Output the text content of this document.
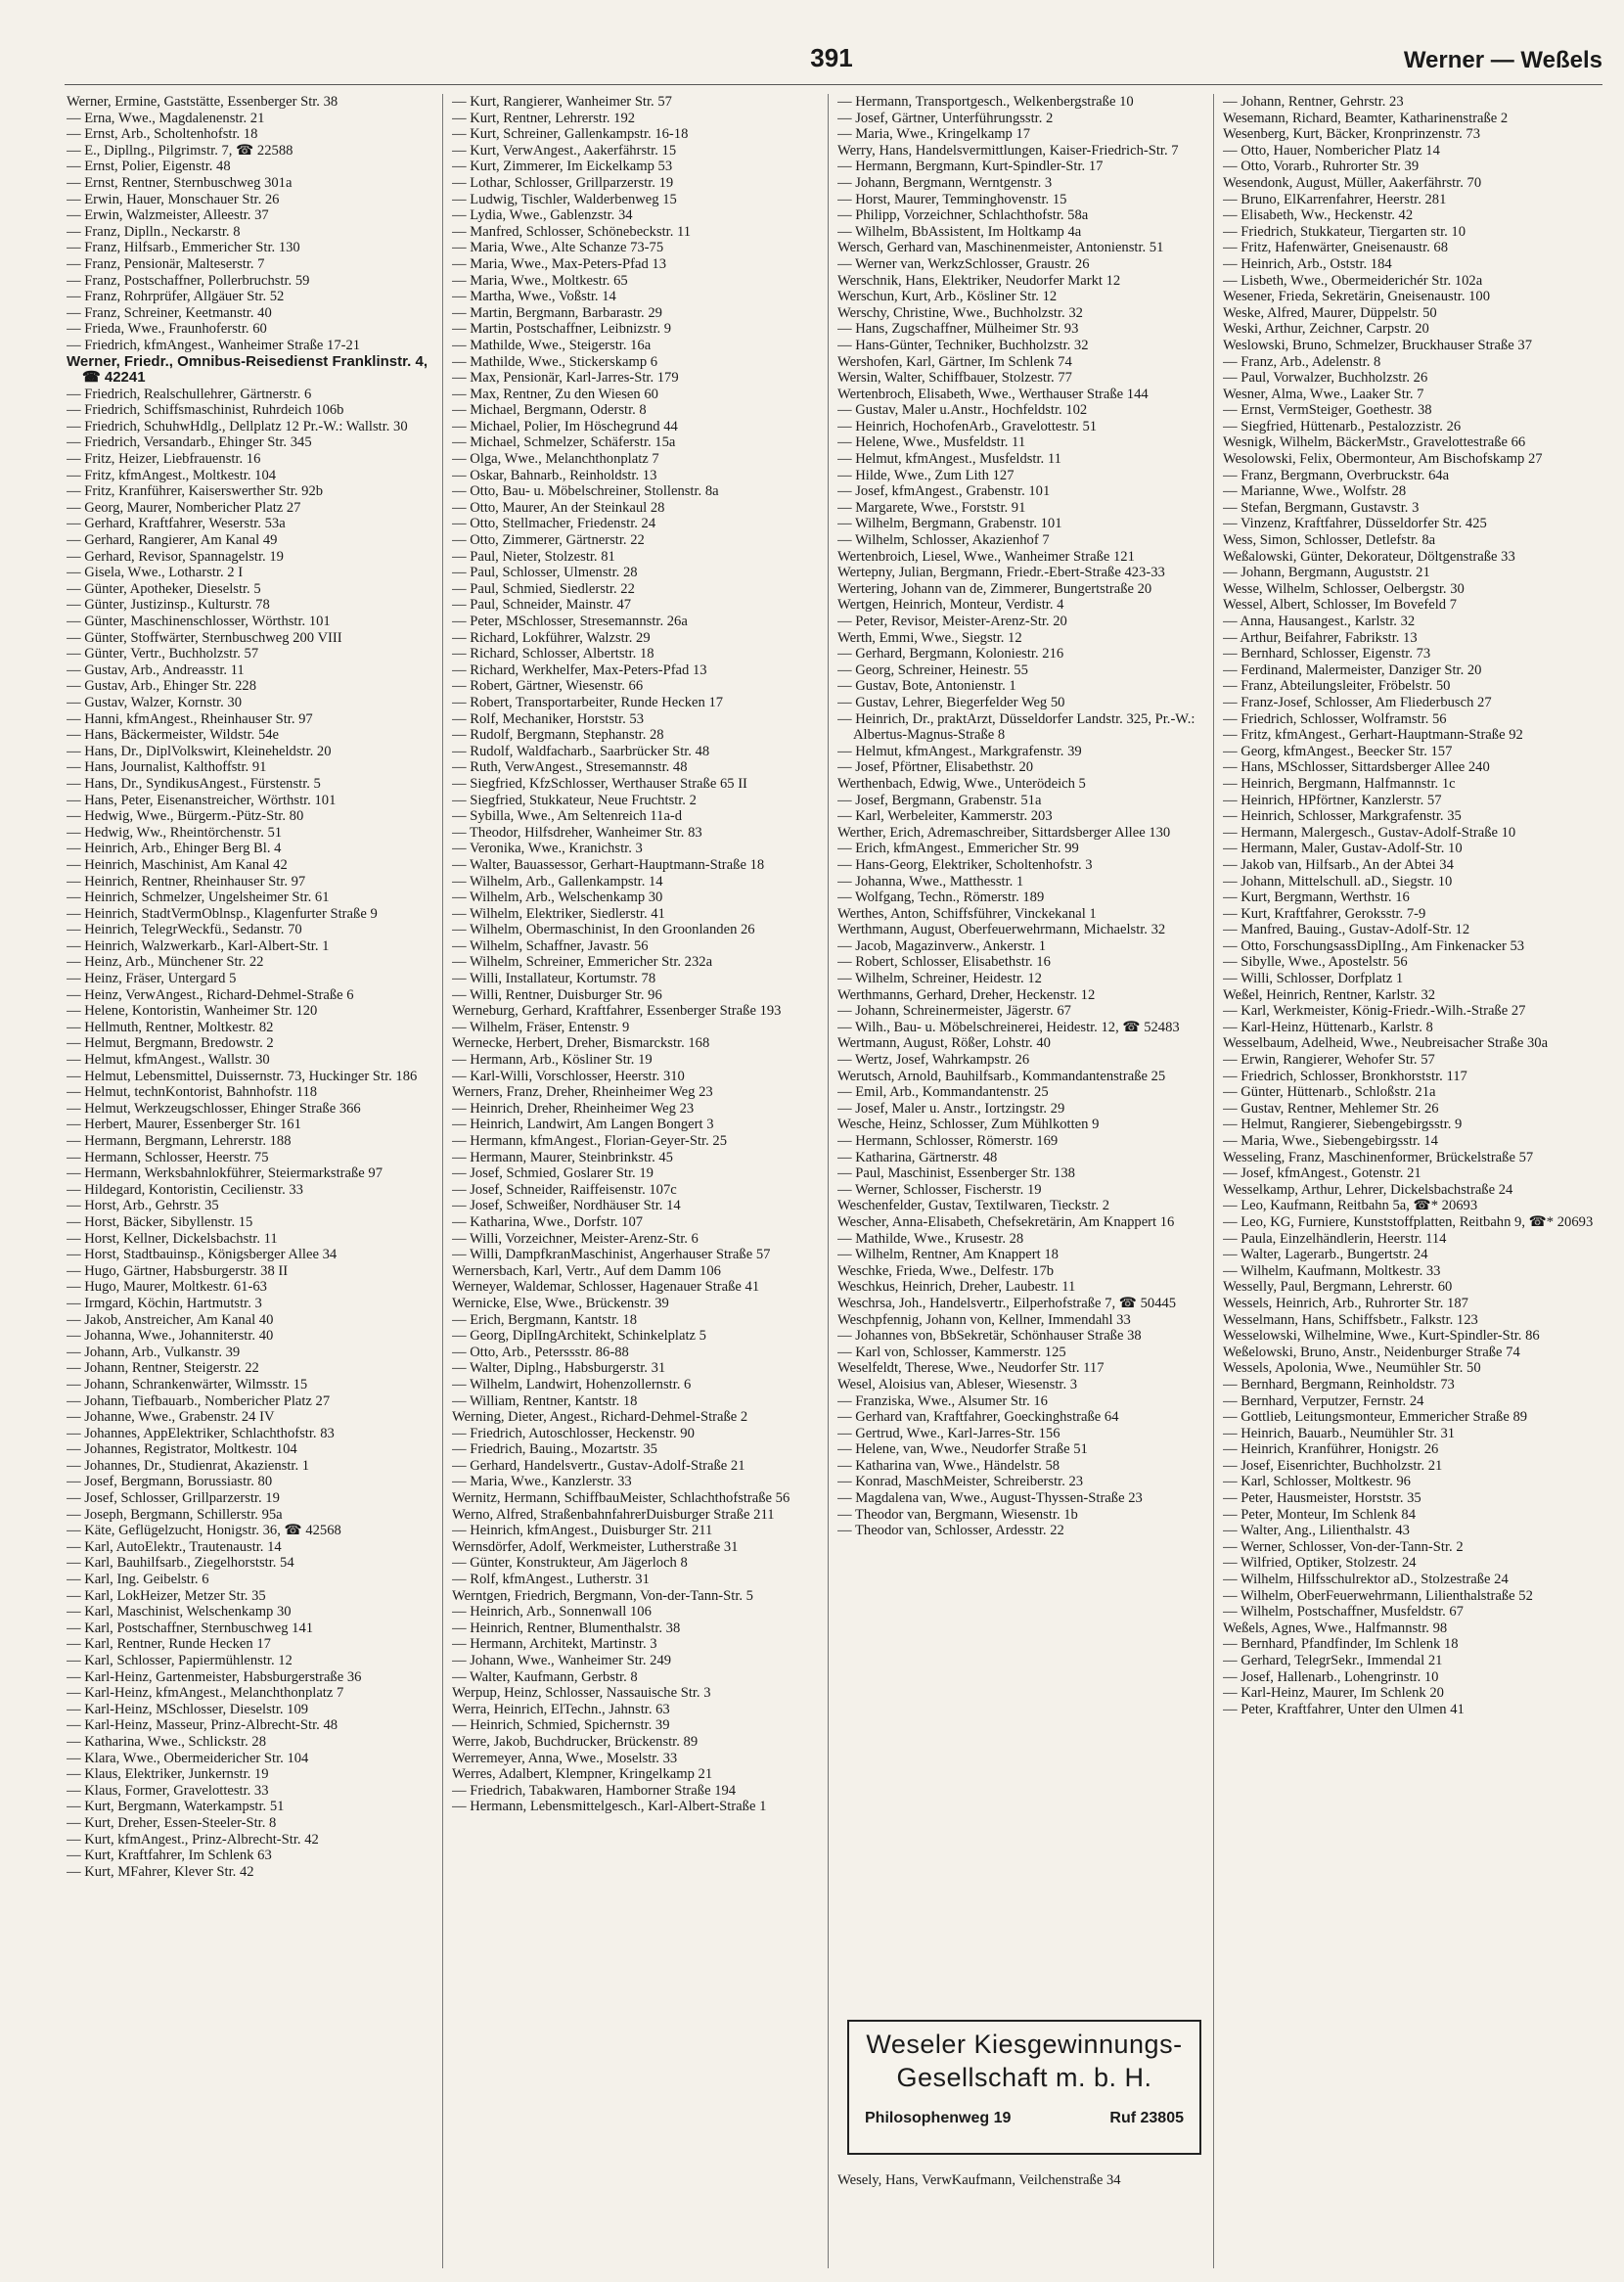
391	Werner — Weßels

Werner, Ermine, Gaststätte, Essenberger Str. 38

— Erna, Wwe., Magdalenenstr. 21

— Ernst, Arb., Scholtenhofstr. 18

— E., Dipllng., Pilgrimstr. 7, ☎ 22588

— Ernst, Polier, Eigenstr. 48

— Ernst, Rentner, Sternbuschweg 301a

— Erwin, Hauer, Monschauer Str. 26

— Erwin, Walzmeister, Alleestr. 37

— Franz, Diplln., Neckarstr. 8

— Franz, Hilfsarb., Emmericher Str. 130

— Franz, Pensionär, Malteserstr. 7

— Franz, Postschaffner, Pollerbruchstr. 59

— Franz, Rohrprüfer, Allgäuer Str. 52

— Franz, Schreiner, Keetmanstr. 40

— Frieda, Wwe., Fraunhoferstr. 60

— Friedrich, kfmAngest., Wanheimer Straße 17-21

Werner, Friedr., Omnibus-Reisedienst Franklinstr. 4, ☎ 42241

— Friedrich, Realschullehrer, Gärtnerstr. 6

— Friedrich, Schiffsmaschinist, Ruhrdeich 106b

— Friedrich, SchuhwHdlg., Dellplatz 12 Pr.-W.: Wallstr. 30

— Friedrich, Versandarb., Ehinger Str. 345

— Fritz, Heizer, Liebfrauenstr. 16

— Fritz, kfmAngest., Moltkestr. 104

— Fritz, Kranführer, Kaiserswerther Str. 92b

— Georg, Maurer, Nombericher Platz 27

— Gerhard, Kraftfahrer, Weserstr. 53a

— Gerhard, Rangierer, Am Kanal 49

— Gerhard, Revisor, Spannagelstr. 19

— Gisela, Wwe., Lotharstr. 2 I

— Günter, Apotheker, Dieselstr. 5

— Günter, Justizinsp., Kulturstr. 78

— Günter, Maschinenschlosser, Wörthstr. 101

— Günter, Stoffwärter, Sternbuschweg 200 VIII

— Günter, Vertr., Buchholzstr. 57

— Gustav, Arb., Andreasstr. 11

— Gustav, Arb., Ehinger Str. 228

— Gustav, Walzer, Kornstr. 30

— Hanni, kfmAngest., Rheinhauser Str. 97

— Hans, Bäckermeister, Wildstr. 54e

— Hans, Dr., DiplVolkswirt, Kleineheldstr. 20

— Hans, Journalist, Kalthoffstr. 91

— Hans, Dr., SyndikusAngest., Fürstenstr. 5

— Hans, Peter, Eisenanstreicher, Wörthstr. 101

— Hedwig, Wwe., Bürgerm.-Pütz-Str. 80

— Hedwig, Ww., Rheintörchenstr. 51

— Heinrich, Arb., Ehinger Berg Bl. 4

— Heinrich, Maschinist, Am Kanal 42

— Heinrich, Rentner, Rheinhauser Str. 97

— Heinrich, Schmelzer, Ungelsheimer Str. 61

— Heinrich, StadtVermOblnsp., Klagenfurter Straße 9

— Heinrich, TelegrWeckfü., Sedanstr. 70

— Heinrich, Walzwerkarb., Karl-Albert-Str. 1

— Heinz, Arb., Münchener Str. 22

— Heinz, Fräser, Untergard 5

— Heinz, VerwAngest., Richard-Dehmel-Straße 6

— Helene, Kontoristin, Wanheimer Str. 120

— Hellmuth, Rentner, Moltkestr. 82

— Helmut, Bergmann, Bredowstr. 2

— Helmut, kfmAngest., Wallstr. 30

— Helmut, Lebensmittel, Duissernstr. 73, Huckinger Str. 186

— Helmut, technKontorist, Bahnhofstr. 118

— Helmut, Werkzeugschlosser, Ehinger Straße 366

— Herbert, Maurer, Essenberger Str. 161

— Hermann, Bergmann, Lehrerstr. 188

— Hermann, Schlosser, Heerstr. 75

— Hermann, Werksbahnlokführer, Steiermarkstraße 97

— Hildegard, Kontoristin, Cecilienstr. 33

— Horst, Arb., Gehrstr. 35

— Horst, Bäcker, Sibyllenstr. 15

— Horst, Kellner, Dickelsbachstr. 11

— Horst, Stadtbauinsp., Königsberger Allee 34

— Hugo, Gärtner, Habsburgerstr. 38 II

— Hugo, Maurer, Moltkestr. 61-63

— Irmgard, Köchin, Hartmutstr. 3

— Jakob, Anstreicher, Am Kanal 40

— Johanna, Wwe., Johanniterstr. 40

— Johann, Arb., Vulkanstr. 39

— Johann, Rentner, Steigerstr. 22

— Johann, Schrankenwärter, Wilmsstr. 15

— Johann, Tiefbauarb., Nombericher Platz 27

— Johanne, Wwe., Grabenstr. 24 IV

— Johannes, AppElektriker, Schlachthofstr. 83

— Johannes, Registrator, Moltkestr. 104

— Johannes, Dr., Studienrat, Akazienstr. 1

— Josef, Bergmann, Borussiastr. 80

— Josef, Schlosser, Grillparzerstr. 19

— Joseph, Bergmann, Schillerstr. 95a

— Käte, Geflügelzucht, Honigstr. 36, ☎ 42568

— Karl, AutoElektr., Trautenaustr. 14

— Karl, Bauhilfsarb., Ziegelhorststr. 54

— Karl, Ing. Geibelstr. 6

— Karl, LokHeizer, Metzer Str. 35

— Karl, Maschinist, Welschenkamp 30

— Karl, Postschaffner, Sternbuschweg 141

— Karl, Rentner, Runde Hecken 17

— Karl, Schlosser, Papiermühlenstr. 12

— Karl-Heinz, Gartenmeister, Habsburgerstraße 36

— Karl-Heinz, kfmAngest., Melanchthonplatz 7

— Karl-Heinz, MSchlosser, Dieselstr. 109

— Karl-Heinz, Masseur, Prinz-Albrecht-Str. 48

— Katharina, Wwe., Schlickstr. 28

— Klara, Wwe., Obermeidericher Str. 104

— Klaus, Elektriker, Junkernstr. 19

— Klaus, Former, Gravelottestr. 33

— Kurt, Bergmann, Waterkampstr. 51

— Kurt, Dreher, Essen-Steeler-Str. 8

— Kurt, kfmAngest., Prinz-Albrecht-Str. 42

— Kurt, Kraftfahrer, Im Schlenk 63

— Kurt, MFahrer, Klever Str. 42

— Kurt, Rangierer, Wanheimer Str. 57

— Kurt, Rentner, Lehrerstr. 192

— Kurt, Schreiner, Gallenkampstr. 16-18

— Kurt, VerwAngest., Aakerfährstr. 15

— Kurt, Zimmerer, Im Eickelkamp 53

— Lothar, Schlosser, Grillparzerstr. 19

— Ludwig, Tischler, Walderbenweg 15

— Lydia, Wwe., Gablenzstr. 34

— Manfred, Schlosser, Schönebeckstr. 11

— Maria, Wwe., Alte Schanze 73-75

— Maria, Wwe., Max-Peters-Pfad 13

— Maria, Wwe., Moltkestr. 65

— Martha, Wwe., Voßstr. 14

— Martin, Bergmann, Barbarastr. 29

— Martin, Postschaffner, Leibnizstr. 9

— Mathilde, Wwe., Steigerstr. 16a

— Mathilde, Wwe., Stickerskamp 6

— Max, Pensionär, Karl-Jarres-Str. 179

— Max, Rentner, Zu den Wiesen 60

— Michael, Bergmann, Oderstr. 8

— Michael, Polier, Im Höschegrund 44

— Michael, Schmelzer, Schäferstr. 15a

— Olga, Wwe., Melanchthonplatz 7

— Oskar, Bahnarb., Reinholdstr. 13

— Otto, Bau- u. Möbelschreiner, Stollenstr. 8a

— Otto, Maurer, An der Steinkaul 28

— Otto, Stellmacher, Friedenstr. 24

— Otto, Zimmerer, Gärtnerstr. 22

— Paul, Nieter, Stolzestr. 81

— Paul, Schlosser, Ulmenstr. 28

— Paul, Schmied, Siedlerstr. 22

— Paul, Schneider, Mainstr. 47

— Peter, MSchlosser, Stresemannstr. 26a

— Richard, Lokführer, Walzstr. 29

— Richard, Schlosser, Albertstr. 18

— Richard, Werkhelfer, Max-Peters-Pfad 13

— Robert, Gärtner, Wiesenstr. 66

— Robert, Transportarbeiter, Runde Hecken 17

— Rolf, Mechaniker, Horststr. 53

— Rudolf, Bergmann, Stephanstr. 28

— Rudolf, Waldfacharb., Saarbrücker Str. 48

— Ruth, VerwAngest., Stresemannstr. 48

— Siegfried, KfzSchlosser, Werthauser Straße 65 II

— Siegfried, Stukkateur, Neue Fruchtstr. 2

— Sybilla, Wwe., Am Seltenreich 11a-d

— Theodor, Hilfsdreher, Wanheimer Str. 83

— Veronika, Wwe., Kranichstr. 3

— Walter, Bauassessor, Gerhart-Hauptmann-Straße 18

— Wilhelm, Arb., Gallenkampstr. 14

— Wilhelm, Arb., Welschenkamp 30

— Wilhelm, Elektriker, Siedlerstr. 41

— Wilhelm, Obermaschinist, In den Groonlanden 26

— Wilhelm, Schaffner, Javastr. 56

— Wilhelm, Schreiner, Emmericher Str. 232a

— Willi, Installateur, Kortumstr. 78

— Willi, Rentner, Duisburger Str. 96

Werneburg, Gerhard, Kraftfahrer, Essenberger Straße 193

— Wilhelm, Fräser, Entenstr. 9

Wernecke, Herbert, Dreher, Bismarckstr. 168

— Hermann, Arb., Kösliner Str. 19

— Karl-Willi, Vorschlosser, Heerstr. 310

Werners, Franz, Dreher, Rheinheimer Weg 23

— Heinrich, Dreher, Rheinheimer Weg 23

— Heinrich, Landwirt, Am Langen Bongert 3

— Hermann, kfmAngest., Florian-Geyer-Str. 25

— Hermann, Maurer, Steinbrinkstr. 45

— Josef, Schmied, Goslarer Str. 19

— Josef, Schneider, Raiffeisenstr. 107c

— Josef, Schweißer, Nordhäuser Str. 14

— Katharina, Wwe., Dorfstr. 107

— Willi, Vorzeichner, Meister-Arenz-Str. 6

— Willi, DampfkranMaschinist, Angerhauser Straße 57

Wernersbach, Karl, Vertr., Auf dem Damm 106

Werneyer, Waldemar, Schlosser, Hagenauer Straße 41

Wernicke, Else, Wwe., Brückenstr. 39

— Erich, Bergmann, Kantstr. 18

— Georg, DiplIngArchitekt, Schinkelplatz 5

— Otto, Arb., Peterssstr. 86-88

— Walter, Diplng., Habsburgerstr. 31

— Wilhelm, Landwirt, Hohenzollernstr. 6

— William, Rentner, Kantstr. 18

Werning, Dieter, Angest., Richard-Dehmel-Straße 2

— Friedrich, Autoschlosser, Heckenstr. 90

— Friedrich, Bauing., Mozartstr. 35

— Gerhard, Handelsvertr., Gustav-Adolf-Straße 21

— Maria, Wwe., Kanzlerstr. 33

Wernitz, Hermann, SchiffbauMeister, Schlachthofstraße 56

Werno, Alfred, StraßenbahnfahrerDuisburger Straße 211

— Heinrich, kfmAngest., Duisburger Str. 211

Wernsdörfer, Adolf, Werkmeister, Lutherstraße 31

— Günter, Konstrukteur, Am Jägerloch 8

— Rolf, kfmAngest., Lutherstr. 31

Werntgen, Friedrich, Bergmann, Von-der-Tann-Str. 5

— Heinrich, Arb., Sonnenwall 106

— Heinrich, Rentner, Blumenthalstr. 38

— Hermann, Architekt, Martinstr. 3

— Johann, Wwe., Wanheimer Str. 249

— Walter, Kaufmann, Gerbstr. 8

Werpup, Heinz, Schlosser, Nassauische Str. 3

Werra, Heinrich, ElTechn., Jahnstr. 63

— Heinrich, Schmied, Spichernstr. 39

Werre, Jakob, Buchdrucker, Brückenstr. 89

Werremeyer, Anna, Wwe., Moselstr. 33

Werres, Adalbert, Klempner, Kringelkamp 21

— Friedrich, Tabakwaren, Hamborner Straße 194

— Hermann, Lebensmittelgesch., Karl-Albert-Straße 1

— Hermann, Transportgesch., Welkenbergstraße 10

— Josef, Gärtner, Unterführungsstr. 2

— Maria, Wwe., Kringelkamp 17

Werry, Hans, Handelsvermittlungen, Kaiser-Friedrich-Str. 7

— Hermann, Bergmann, Kurt-Spindler-Str. 17

— Johann, Bergmann, Werntgenstr. 3

— Horst, Maurer, Temminghovenstr. 15

— Philipp, Vorzeichner, Schlachthofstr. 58a

— Wilhelm, BbAssistent, Im Holtkamp 4a

Wersch, Gerhard van, Maschinenmeister, Antonienstr. 51

— Werner van, WerkzSchlosser, Graustr. 26

Werschnik, Hans, Elektriker, Neudorfer Markt 12

Werschun, Kurt, Arb., Kösliner Str. 12

Werschy, Christine, Wwe., Buchholzstr. 32

— Hans, Zugschaffner, Mülheimer Str. 93

— Hans-Günter, Techniker, Buchholzstr. 32

Wershofen, Karl, Gärtner, Im Schlenk 74

Wersin, Walter, Schiffbauer, Stolzestr. 77

Wertenbroch, Elisabeth, Wwe., Werthauser Straße 144

— Gustav, Maler u.Anstr., Hochfeldstr. 102

— Heinrich, HochofenArb., Gravelottestr. 51

— Helene, Wwe., Musfeldstr. 11

— Helmut, kfmAngest., Musfeldstr. 11

— Hilde, Wwe., Zum Lith 127

— Josef, kfmAngest., Grabenstr. 101

— Margarete, Wwe., Forststr. 91

— Wilhelm, Bergmann, Grabenstr. 101

— Wilhelm, Schlosser, Akazienhof 7

Wertenbroich, Liesel, Wwe., Wanheimer Straße 121

Wertepny, Julian, Bergmann, Friedr.-Ebert-Straße 423-33

Wertering, Johann van de, Zimmerer, Bungertstraße 20

Wertgen, Heinrich, Monteur, Verdistr. 4

— Peter, Revisor, Meister-Arenz-Str. 20

Werth, Emmi, Wwe., Siegstr. 12

— Gerhard, Bergmann, Koloniestr. 216

— Georg, Schreiner, Heinestr. 55

— Gustav, Bote, Antonienstr. 1

— Gustav, Lehrer, Biegerfelder Weg 50

— Heinrich, Dr., praktArzt, Düsseldorfer Landstr. 325, Pr.-W.: Albertus-Magnus-Straße 8

— Helmut, kfmAngest., Markgrafenstr. 39

— Josef, Pförtner, Elisabethstr. 20

Werthenbach, Edwig, Wwe., Unterödeich 5

— Josef, Bergmann, Grabenstr. 51a

— Karl, Werbeleiter, Kammerstr. 203

Werther, Erich, Adremaschreiber, Sittardsberger Allee 130

— Erich, kfmAngest., Emmericher Str. 99

— Hans-Georg, Elektriker, Scholtenhofstr. 3

— Johanna, Wwe., Matthesstr. 1

— Wolfgang, Techn., Römerstr. 189

Werthes, Anton, Schiffsführer, Vinckekanal 1

Werthmann, August, Oberfeuerwehrmann, Michaelstr. 32

— Jacob, Magazinverw., Ankerstr. 1

— Robert, Schlosser, Elisabethstr. 16

— Wilhelm, Schreiner, Heidestr. 12

Werthmanns, Gerhard, Dreher, Heckenstr. 12

— Johann, Schreinermeister, Jägerstr. 67

— Wilh., Bau- u. Möbelschreinerei, Heidestr. 12, ☎ 52483

Wertmann, August, Rößer, Lohstr. 40

— Wertz, Josef, Wahrkampstr. 26

Werutsch, Arnold, Bauhilfsarb., Kommandantenstraße 25

— Emil, Arb., Kommandantenstr. 25

— Josef, Maler u. Anstr., Iortzingstr. 29

Wesche, Heinz, Schlosser, Zum Mühlkotten 9

— Hermann, Schlosser, Römerstr. 169

— Katharina, Gärtnerstr. 48

— Paul, Maschinist, Essenberger Str. 138

— Werner, Schlosser, Fischerstr. 19

Weschenfelder, Gustav, Textilwaren, Tieckstr. 2

Wescher, Anna-Elisabeth, Chefsekretärin, Am Knappert 16

— Mathilde, Wwe., Krusestr. 28

— Wilhelm, Rentner, Am Knappert 18

Weschke, Frieda, Wwe., Delfestr. 17b

Weschkus, Heinrich, Dreher, Laubestr. 11

Weschrsa, Joh., Handelsvertr., Eilperhofstraße 7, ☎ 50445

Weschpfennig, Johann von, Kellner, Immendahl 33

— Johannes von, BbSekretär, Schönhauser Straße 38

— Karl von, Schlosser, Kammerstr. 125

Weselfeldt, Therese, Wwe., Neudorfer Str. 117

Wesel, Aloisius van, Ableser, Wiesenstr. 3

— Franziska, Wwe., Alsumer Str. 16

— Gerhard van, Kraftfahrer, Goeckinghstraße 64

— Gertrud, Wwe., Karl-Jarres-Str. 156

— Helene, van, Wwe., Neudorfer Straße 51

— Katharina van, Wwe., Händelstr. 58

— Konrad, MaschMeister, Schreiberstr. 23

— Magdalena van, Wwe., August-Thyssen-Straße 23

— Theodor van, Bergmann, Wiesenstr. 1b

— Theodor van, Schlosser, Ardesstr. 22

— Johann, Rentner, Gehrstr. 23

Wesemann, Richard, Beamter, Katharinenstraße 2

Wesenberg, Kurt, Bäcker, Kronprinzenstr. 73

— Otto, Hauer, Nombericher Platz 14

— Otto, Vorarb., Ruhrorter Str. 39

Wesendonk, August, Müller, Aakerfährstr. 70

— Bruno, ElKarrenfahrer, Heerstr. 281

— Elisabeth, Ww., Heckenstr. 42

— Friedrich, Stukkateur, Tiergarten str. 10

— Fritz, Hafenwärter, Gneisenaustr. 68

— Heinrich, Arb., Oststr. 184

— Lisbeth, Wwe., Obermeiderichér Str. 102a

Wesener, Frieda, Sekretärin, Gneisenaustr. 100

Weske, Alfred, Maurer, Düppelstr. 50

Weski, Arthur, Zeichner, Carpstr. 20

Weslowski, Bruno, Schmelzer, Bruckhauser Straße 37

— Franz, Arb., Adelenstr. 8

— Paul, Vorwalzer, Buchholzstr. 26

Wesner, Alma, Wwe., Laaker Str. 7

— Ernst, VermSteiger, Goethestr. 38

— Siegfried, Hüttenarb., Pestalozzistr. 26

Wesnigk, Wilhelm, BäckerMstr., Gravelottestraße 66

Wesolowski, Felix, Obermonteur, Am Bischofskamp 27

— Franz, Bergmann, Overbruckstr. 64a

— Marianne, Wwe., Wolfstr. 28

— Stefan, Bergmann, Gustavstr. 3

— Vinzenz, Kraftfahrer, Düsseldorfer Str. 425

Wess, Simon, Schlosser, Detlefstr. 8a

Weßalowski, Günter, Dekorateur, Döltgenstraße 33

— Johann, Bergmann, Auguststr. 21

Wesse, Wilhelm, Schlosser, Oelbergstr. 30

Wessel, Albert, Schlosser, Im Bovefeld 7

— Anna, Hausangest., Karlstr. 32

— Arthur, Beifahrer, Fabrikstr. 13

— Bernhard, Schlosser, Eigenstr. 73

— Ferdinand, Malermeister, Danziger Str. 20

— Franz, Abteilungsleiter, Fröbelstr. 50

— Franz-Josef, Schlosser, Am Fliederbusch 27

— Friedrich, Schlosser, Wolframstr. 56

— Fritz, kfmAngest., Gerhart-Hauptmann-Straße 92

— Georg, kfmAngest., Beecker Str. 157

— Hans, MSchlosser, Sittardsberger Allee 240

— Heinrich, Bergmann, Halfmannstr. 1c

— Heinrich, HPförtner, Kanzlerstr. 57

— Heinrich, Schlosser, Markgrafenstr. 35

— Hermann, Malergesch., Gustav-Adolf-Straße 10

— Hermann, Maler, Gustav-Adolf-Str. 10

— Jakob van, Hilfsarb., An der Abtei 34

— Johann, Mittelschull. aD., Siegstr. 10

— Kurt, Bergmann, Werthstr. 16

— Kurt, Kraftfahrer, Geroksstr. 7-9

— Manfred, Bauing., Gustav-Adolf-Str. 12

— Otto, ForschungsassDiplIng., Am Finkenacker 53

— Sibylle, Wwe., Apostelstr. 56

— Willi, Schlosser, Dorfplatz 1

Weßel, Heinrich, Rentner, Karlstr. 32

— Karl, Werkmeister, König-Friedr.-Wilh.-Straße 27

— Karl-Heinz, Hüttenarb., Karlstr. 8

Wesselbaum, Adelheid, Wwe., Neubreisacher Straße 30a

— Erwin, Rangierer, Wehofer Str. 57

— Friedrich, Schlosser, Bronkhorststr. 117

— Günter, Hüttenarb., Schloßstr. 21a

— Gustav, Rentner, Mehlemer Str. 26

— Helmut, Rangierer, Siebengebirgsstr. 9

— Maria, Wwe., Siebengebirgsstr. 14

Wesseling, Franz, Maschinenformer, Brückelstraße 57

— Josef, kfmAngest., Gotenstr. 21

Wesselkamp, Arthur, Lehrer, Dickelsbachstraße 24

— Leo, Kaufmann, Reitbahn 5a, ☎* 20693

— Leo, KG, Furniere, Kunststoffplatten, Reitbahn 9, ☎* 20693

— Paula, Einzelhändlerin, Heerstr. 114

— Walter, Lagerarb., Bungertstr. 24

— Wilhelm, Kaufmann, Moltkestr. 33

Wesselly, Paul, Bergmann, Lehrerstr. 60

Wessels, Heinrich, Arb., Ruhrorter Str. 187

Wesselmann, Hans, Schiffsbetr., Falkstr. 123

Wesselowski, Wilhelmine, Wwe., Kurt-Spindler-Str. 86

Weßelowski, Bruno, Anstr., Neidenburger Straße 74

Wessels, Apolonia, Wwe., Neumühler Str. 50

— Bernhard, Bergmann, Reinholdstr. 73

— Bernhard, Verputzer, Fernstr. 24

— Gottlieb, Leitungsmonteur, Emmericher Straße 89

— Heinrich, Bauarb., Neumühler Str. 31

— Heinrich, Kranführer, Honigstr. 26

— Josef, Eisenrichter, Buchholzstr. 21

— Karl, Schlosser, Moltkestr. 96

— Peter, Hausmeister, Horststr. 35

— Peter, Monteur, Im Schlenk 84

— Walter, Ang., Lilienthalstr. 43

— Werner, Schlosser, Von-der-Tann-Str. 2

— Wilfried, Optiker, Stolzestr. 24

— Wilhelm, Hilfsschulrektor aD., Stolzestraße 24

— Wilhelm, OberFeuerwehrmann, Lilienthalstraße 52

— Wilhelm, Postschaffner, Musfeldstr. 67

Weßels, Agnes, Wwe., Halfmannstr. 98

— Bernhard, Pfandfinder, Im Schlenk 18

— Gerhard, TelegrSekr., Immendal 21

— Josef, Hallenarb., Lohengrinstr. 10

— Karl-Heinz, Maurer, Im Schlenk 20

— Peter, Kraftfahrer, Unter den Ulmen 41

Weseler Kiesgewinnungs-
Gesellschaft m. b. H.
Philosophenweg 19	Ruf 23805

Wesely, Hans, VerwKaufmann, Veilchenstraße 34
